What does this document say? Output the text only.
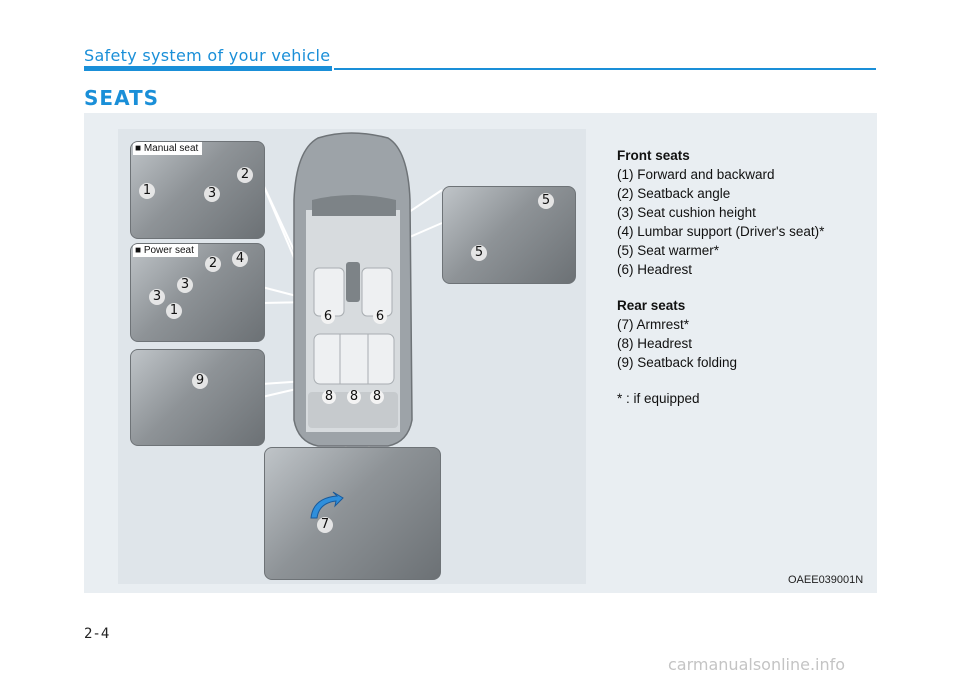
Safety system of your vehicle
SEATS
■ Manual seat
1
2
3
■ Power seat
1
2
3
3
4
9
5
5
7
6	6
8 8 8
Front seats
(1) Forward and backward
(2) Seatback angle
(3) Seat cushion height
(4) Lumbar support (Driver's seat)*
(5) Seat warmer*
(6) Headrest
Rear seats
(7) Armrest*
(8) Headrest
(9) Seatback folding
* : if equipped
OAEE039001N
2-4
carmanualsonline.info
